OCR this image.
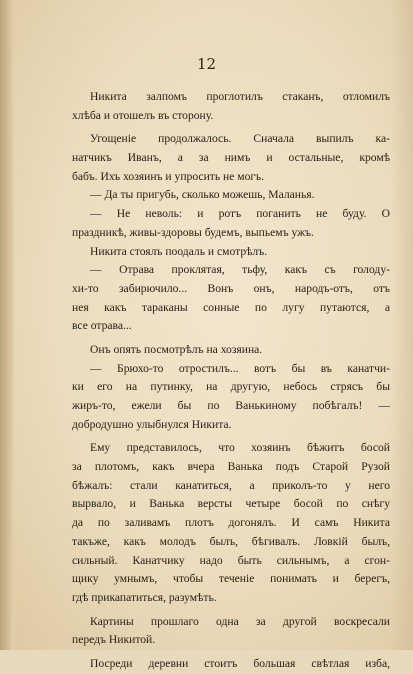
12
Никита залпомъ проглотилъ стаканъ, отломилъ
хлѣба и отошелъ въ сторону.
Угощеніе продолжалось. Сначала выпилъ ка-
натчикъ Иванъ, а за нимъ и остальные, кромѣ
бабъ. Ихъ хозяинъ и упросить не могъ.
— Да ты пригубь, сколько можешь, Маланья.
— Не неволь: и ротъ поганить не буду. О
праздникѣ, живы-здоровы будемъ, выпьемъ ужъ.
Никита стоялъ поодаль и смотрѣлъ.
— Отрава проклятая, тьфу, какъ съ голоду-
хи-то забирючило... Вонъ онъ, народъ-отъ, отъ
нея какъ тараканы сонные по лугу путаются, а
все отрава...
Онъ опять посмотрѣлъ на хозяина.
— Брюхо-то отростилъ... вотъ бы въ канатчи-
ки его на путинку, на другую, небось стрясъ бы
жиръ-то, ежели бы по Ванькиному побѣгалъ! —
добродушно улыбнулся Никита.
Ему представилось, что хозяинъ бѣжитъ босой
за плотомъ, какъ вчера Ванька подъ Старой Рузой
бѣжалъ: стали канатиться, а приколъ-то у него
вырвало, и Ванька версты четыре босой по снѣгу
да по заливамъ плотъ догонялъ. И самъ Никита
такъже, какъ молодъ былъ, бѣгивалъ. Ловкій былъ,
сильный. Канатчику надо быть сильнымъ, а сгон-
щику умнымъ, чтобы теченіе понимать и берегъ,
гдѣ прикапатиться, разумѣть.
Картины прошлаго одна за другой воскресали
передъ Никитой.
Посреди деревни стоитъ большая свѣтлая изба,
